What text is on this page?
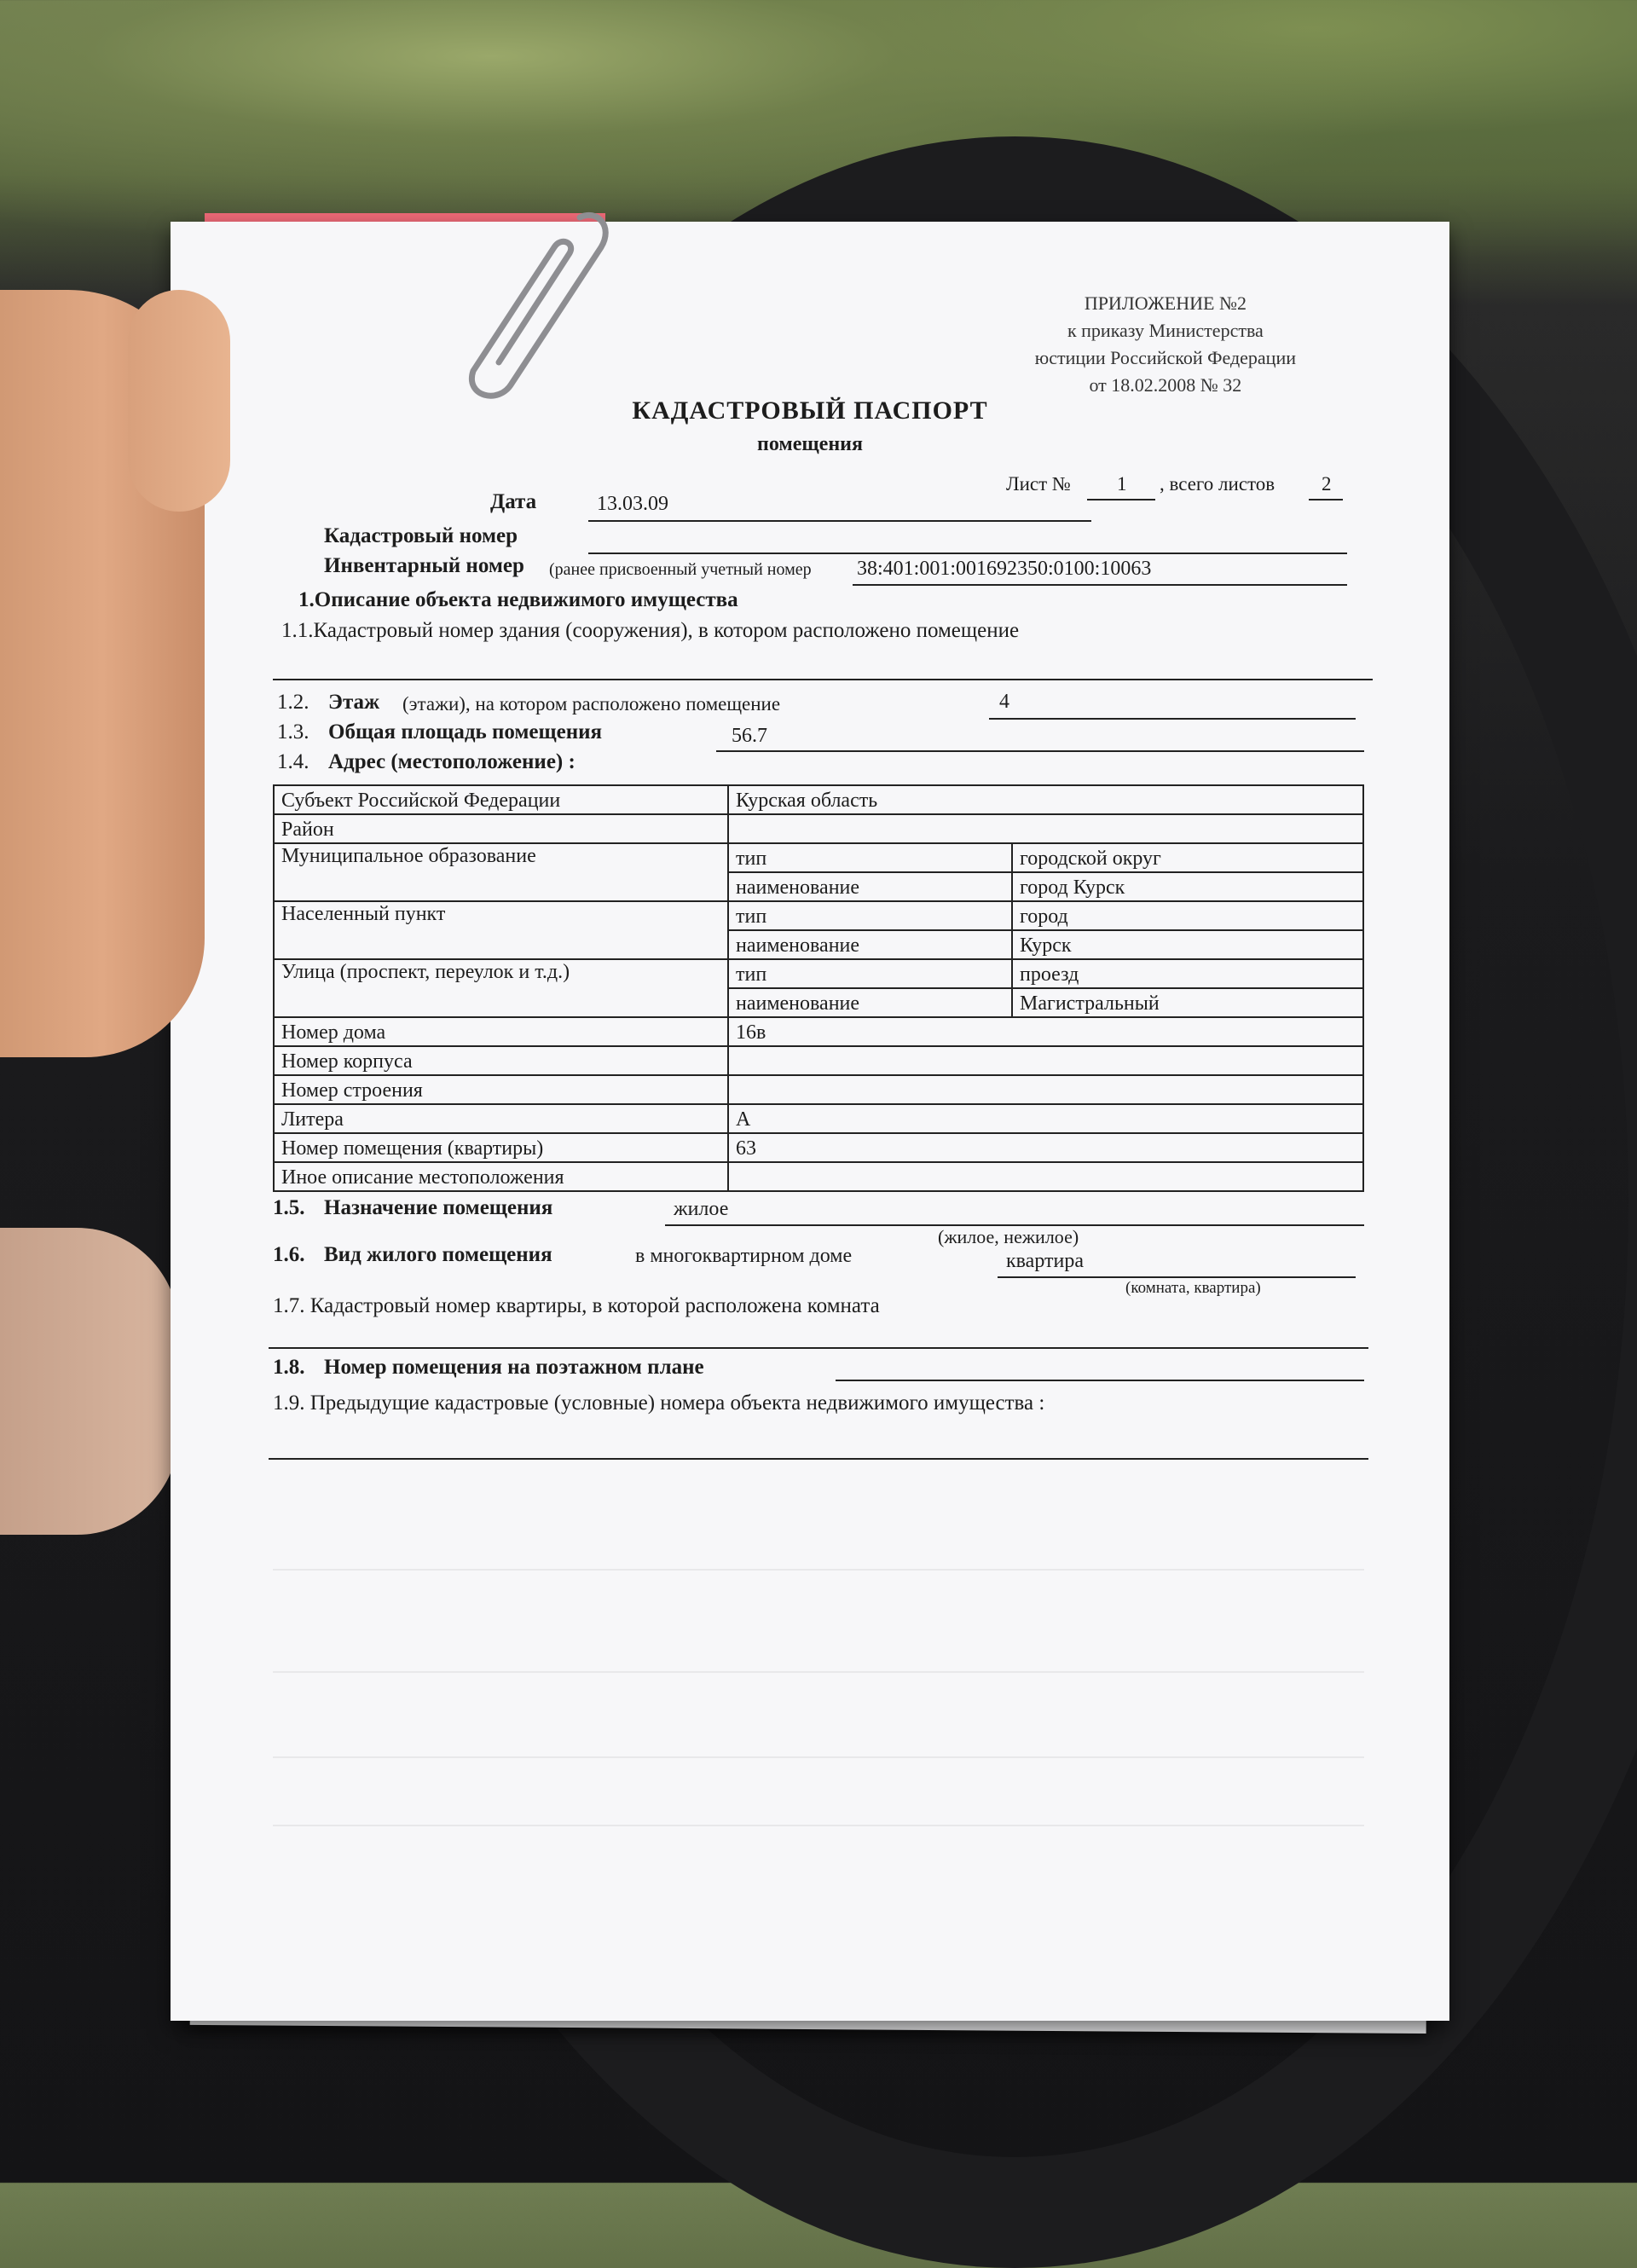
ПРИЛОЖЕНИЕ №2
к приказу Министерства
юстиции Российской Федерации
от 18.02.2008 № 32
КАДАСТРОВЫЙ ПАСПОРТ
помещения
Лист № 1 , всего листов 2
Дата	13.03.09
Кадастровый номер
Инвентарный номер (ранее присвоенный учетный номер 38:401:001:001692350:0100:10063
1.Описание объекта недвижимого имущества
1.1.Кадастровый номер здания (сооружения), в котором расположено помещение
1.2. Этаж (этажи), на котором расположено помещение	4
1.3. Общая площадь помещения	56.7
1.4. Адрес (местоположение) :
Субъект Российской Федерации	Курская область	
Район		
Муниципальное образование	тип	городской округ
	наименование	город Курск
Населенный пункт	тип	город
	наименование	Курск
Улица (проспект, переулок и т.д.)	тип	проезд
	наименование	Магистральный
Номер дома	16в	
Номер корпуса		
Номер строения		
Литера	А	
Номер помещения (квартиры)	63	
Иное описание местоположения		
1.5. Назначение помещения	жилое
(жилое, нежилое)
1.6. Вид жилого помещения	в многоквартирном доме	квартира
(комната, квартира)
1.7. Кадастровый номер квартиры, в которой расположена комната
1.8. Номер помещения на поэтажном плане
1.9. Предыдущие кадастровые (условные) номера объекта недвижимого имущества :
